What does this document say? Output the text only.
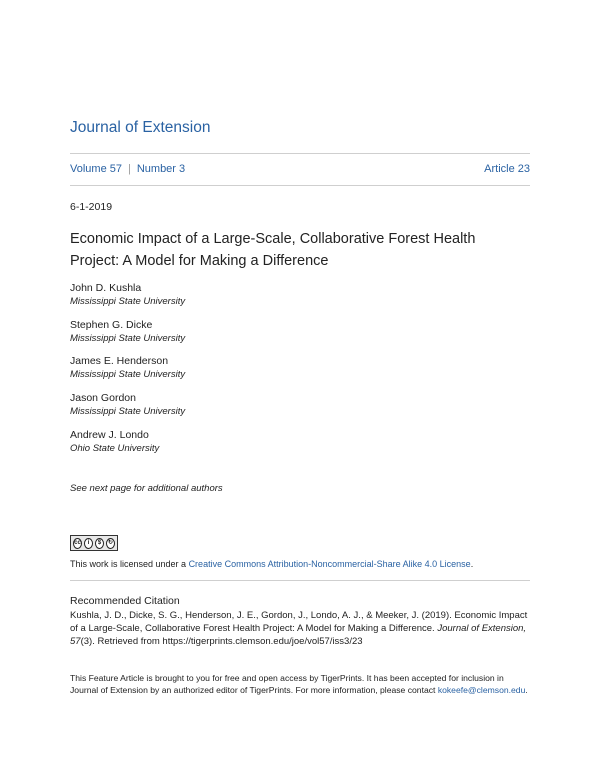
Journal of Extension
Volume 57 | Number 3	Article 23
6-1-2019
Economic Impact of a Large-Scale, Collaborative Forest Health
Project: A Model for Making a Difference
John D. Kushla
Mississippi State University
Stephen G. Dicke
Mississippi State University
James E. Henderson
Mississippi State University
Jason Gordon
Mississippi State University
Andrew J. Londo
Ohio State University
See next page for additional authors
cc	i	$	↻
This work is licensed under a Creative Commons Attribution-Noncommercial-Share Alike 4.0 License.
Recommended Citation
Kushla, J. D., Dicke, S. G., Henderson, J. E., Gordon, J., Londo, A. J., & Meeker, J. (2019). Economic Impact of a Large-Scale, Collaborative Forest Health Project: A Model for Making a Difference. Journal of Extension, 57(3). Retrieved from https://tigerprints.clemson.edu/joe/vol57/iss3/23
This Feature Article is brought to you for free and open access by TigerPrints. It has been accepted for inclusion in Journal of Extension by an authorized editor of TigerPrints. For more information, please contact kokeefe@clemson.edu.
